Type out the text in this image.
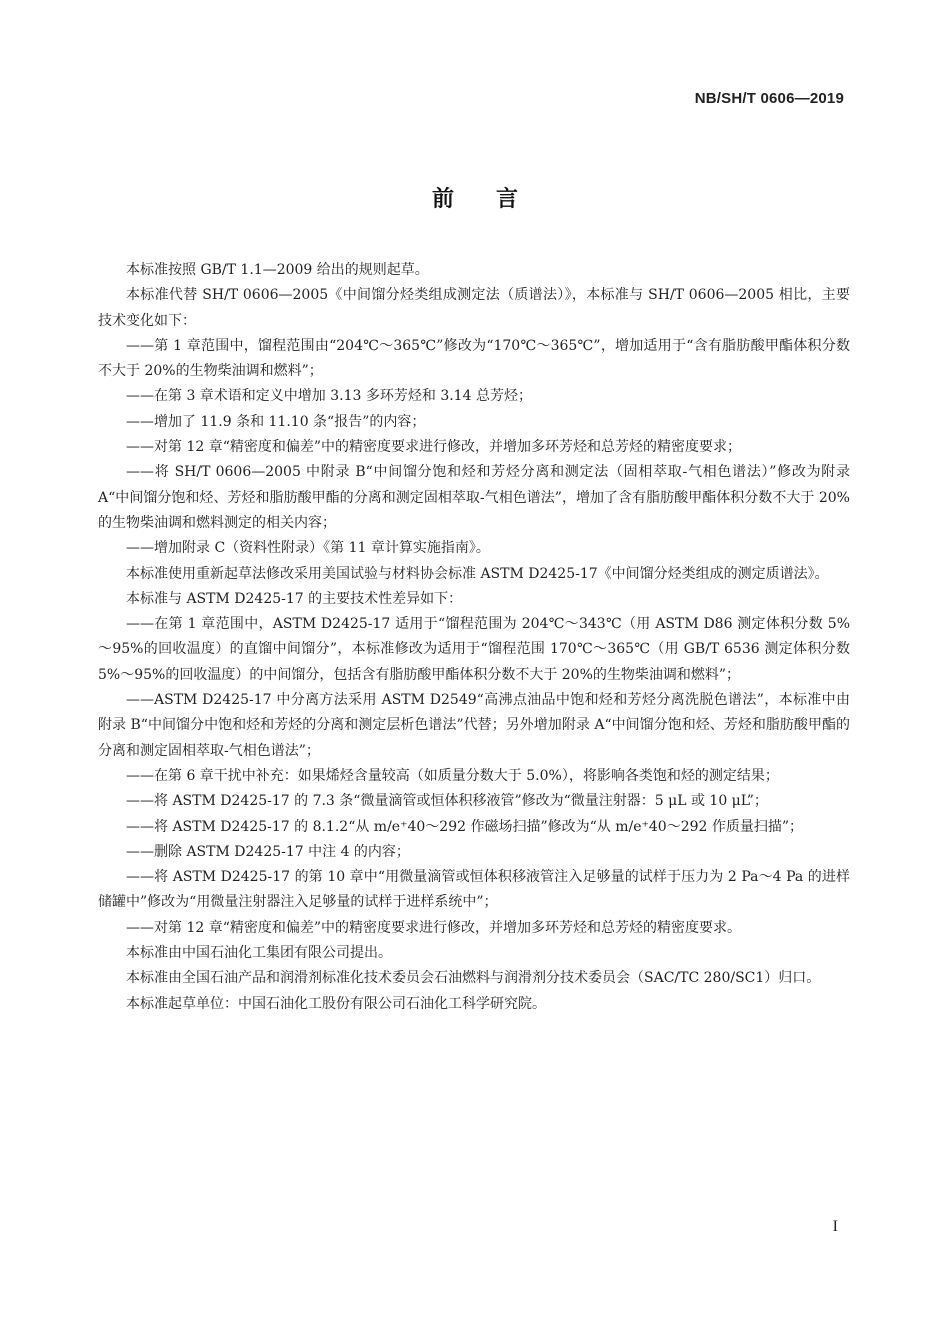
NB/SH/T 0606—2019
前言

本标准按照 GB/T 1.1—2009 给出的规则起草。

本标准代替 SH/T 0606—2005《中间馏分烃类组成测定法（质谱法）》，本标准与 SH/T 0606—2005 相比，主要技术变化如下：

——第 1 章范围中，馏程范围由“204℃～365℃”修改为“170℃～365℃”，增加适用于“含有脂肪酸甲酯体积分数不大于 20%的生物柴油调和燃料”；

——在第 3 章术语和定义中增加 3.13 多环芳烃和 3.14 总芳烃；

——增加了 11.9 条和 11.10 条“报告”的内容；

——对第 12 章“精密度和偏差”中的精密度要求进行修改，并增加多环芳烃和总芳烃的精密度要求；

——将 SH/T 0606—2005 中附录 B“中间馏分饱和烃和芳烃分离和测定法（固相萃取-气相色谱法）”修改为附录 A“中间馏分饱和烃、芳烃和脂肪酸甲酯的分离和测定固相萃取-气相色谱法”，增加了含有脂肪酸甲酯体积分数不大于 20%的生物柴油调和燃料测定的相关内容；

——增加附录 C（资料性附录）《第 11 章计算实施指南》。

本标准使用重新起草法修改采用美国试验与材料协会标准 ASTM D2425-17《中间馏分烃类组成的测定质谱法》。

本标准与 ASTM D2425-17 的主要技术性差异如下：

——在第 1 章范围中，ASTM D2425-17 适用于“馏程范围为 204℃～343℃（用 ASTM D86 测定体积分数 5%～95%的回收温度）的直馏中间馏分”，本标准修改为适用于“馏程范围 170℃～365℃（用 GB/T 6536 测定体积分数 5%～95%的回收温度）的中间馏分，包括含有脂肪酸甲酯体积分数不大于 20%的生物柴油调和燃料”；

——ASTM D2425-17 中分离方法采用 ASTM D2549“高沸点油品中饱和烃和芳烃分离洗脱色谱法”，本标准中由附录 B“中间馏分中饱和烃和芳烃的分离和测定层析色谱法”代替；另外增加附录 A“中间馏分饱和烃、芳烃和脂肪酸甲酯的分离和测定固相萃取-气相色谱法”；

——在第 6 章干扰中补充：如果烯烃含量较高（如质量分数大于 5.0%），将影响各类饱和烃的测定结果；

——将 ASTM D2425-17 的 7.3 条“微量滴管或恒体积移液管”修改为“微量注射器：5 μL 或 10 μL”；

——将 ASTM D2425-17 的 8.1.2“从 m/e⁺40～292 作磁场扫描”修改为“从 m/e⁺40～292 作质量扫描”；

——删除 ASTM D2425-17 中注 4 的内容；

——将 ASTM D2425-17 的第 10 章中“用微量滴管或恒体积移液管注入足够量的试样于压力为 2 Pa～4 Pa 的进样储罐中”修改为“用微量注射器注入足够量的试样于进样系统中”；

——对第 12 章“精密度和偏差”中的精密度要求进行修改，并增加多环芳烃和总芳烃的精密度要求。

本标准由中国石油化工集团有限公司提出。

本标准由全国石油产品和润滑剂标准化技术委员会石油燃料与润滑剂分技术委员会（SAC/TC 280/SC1）归口。

本标准起草单位：中国石油化工股份有限公司石油化工科学研究院。

I
